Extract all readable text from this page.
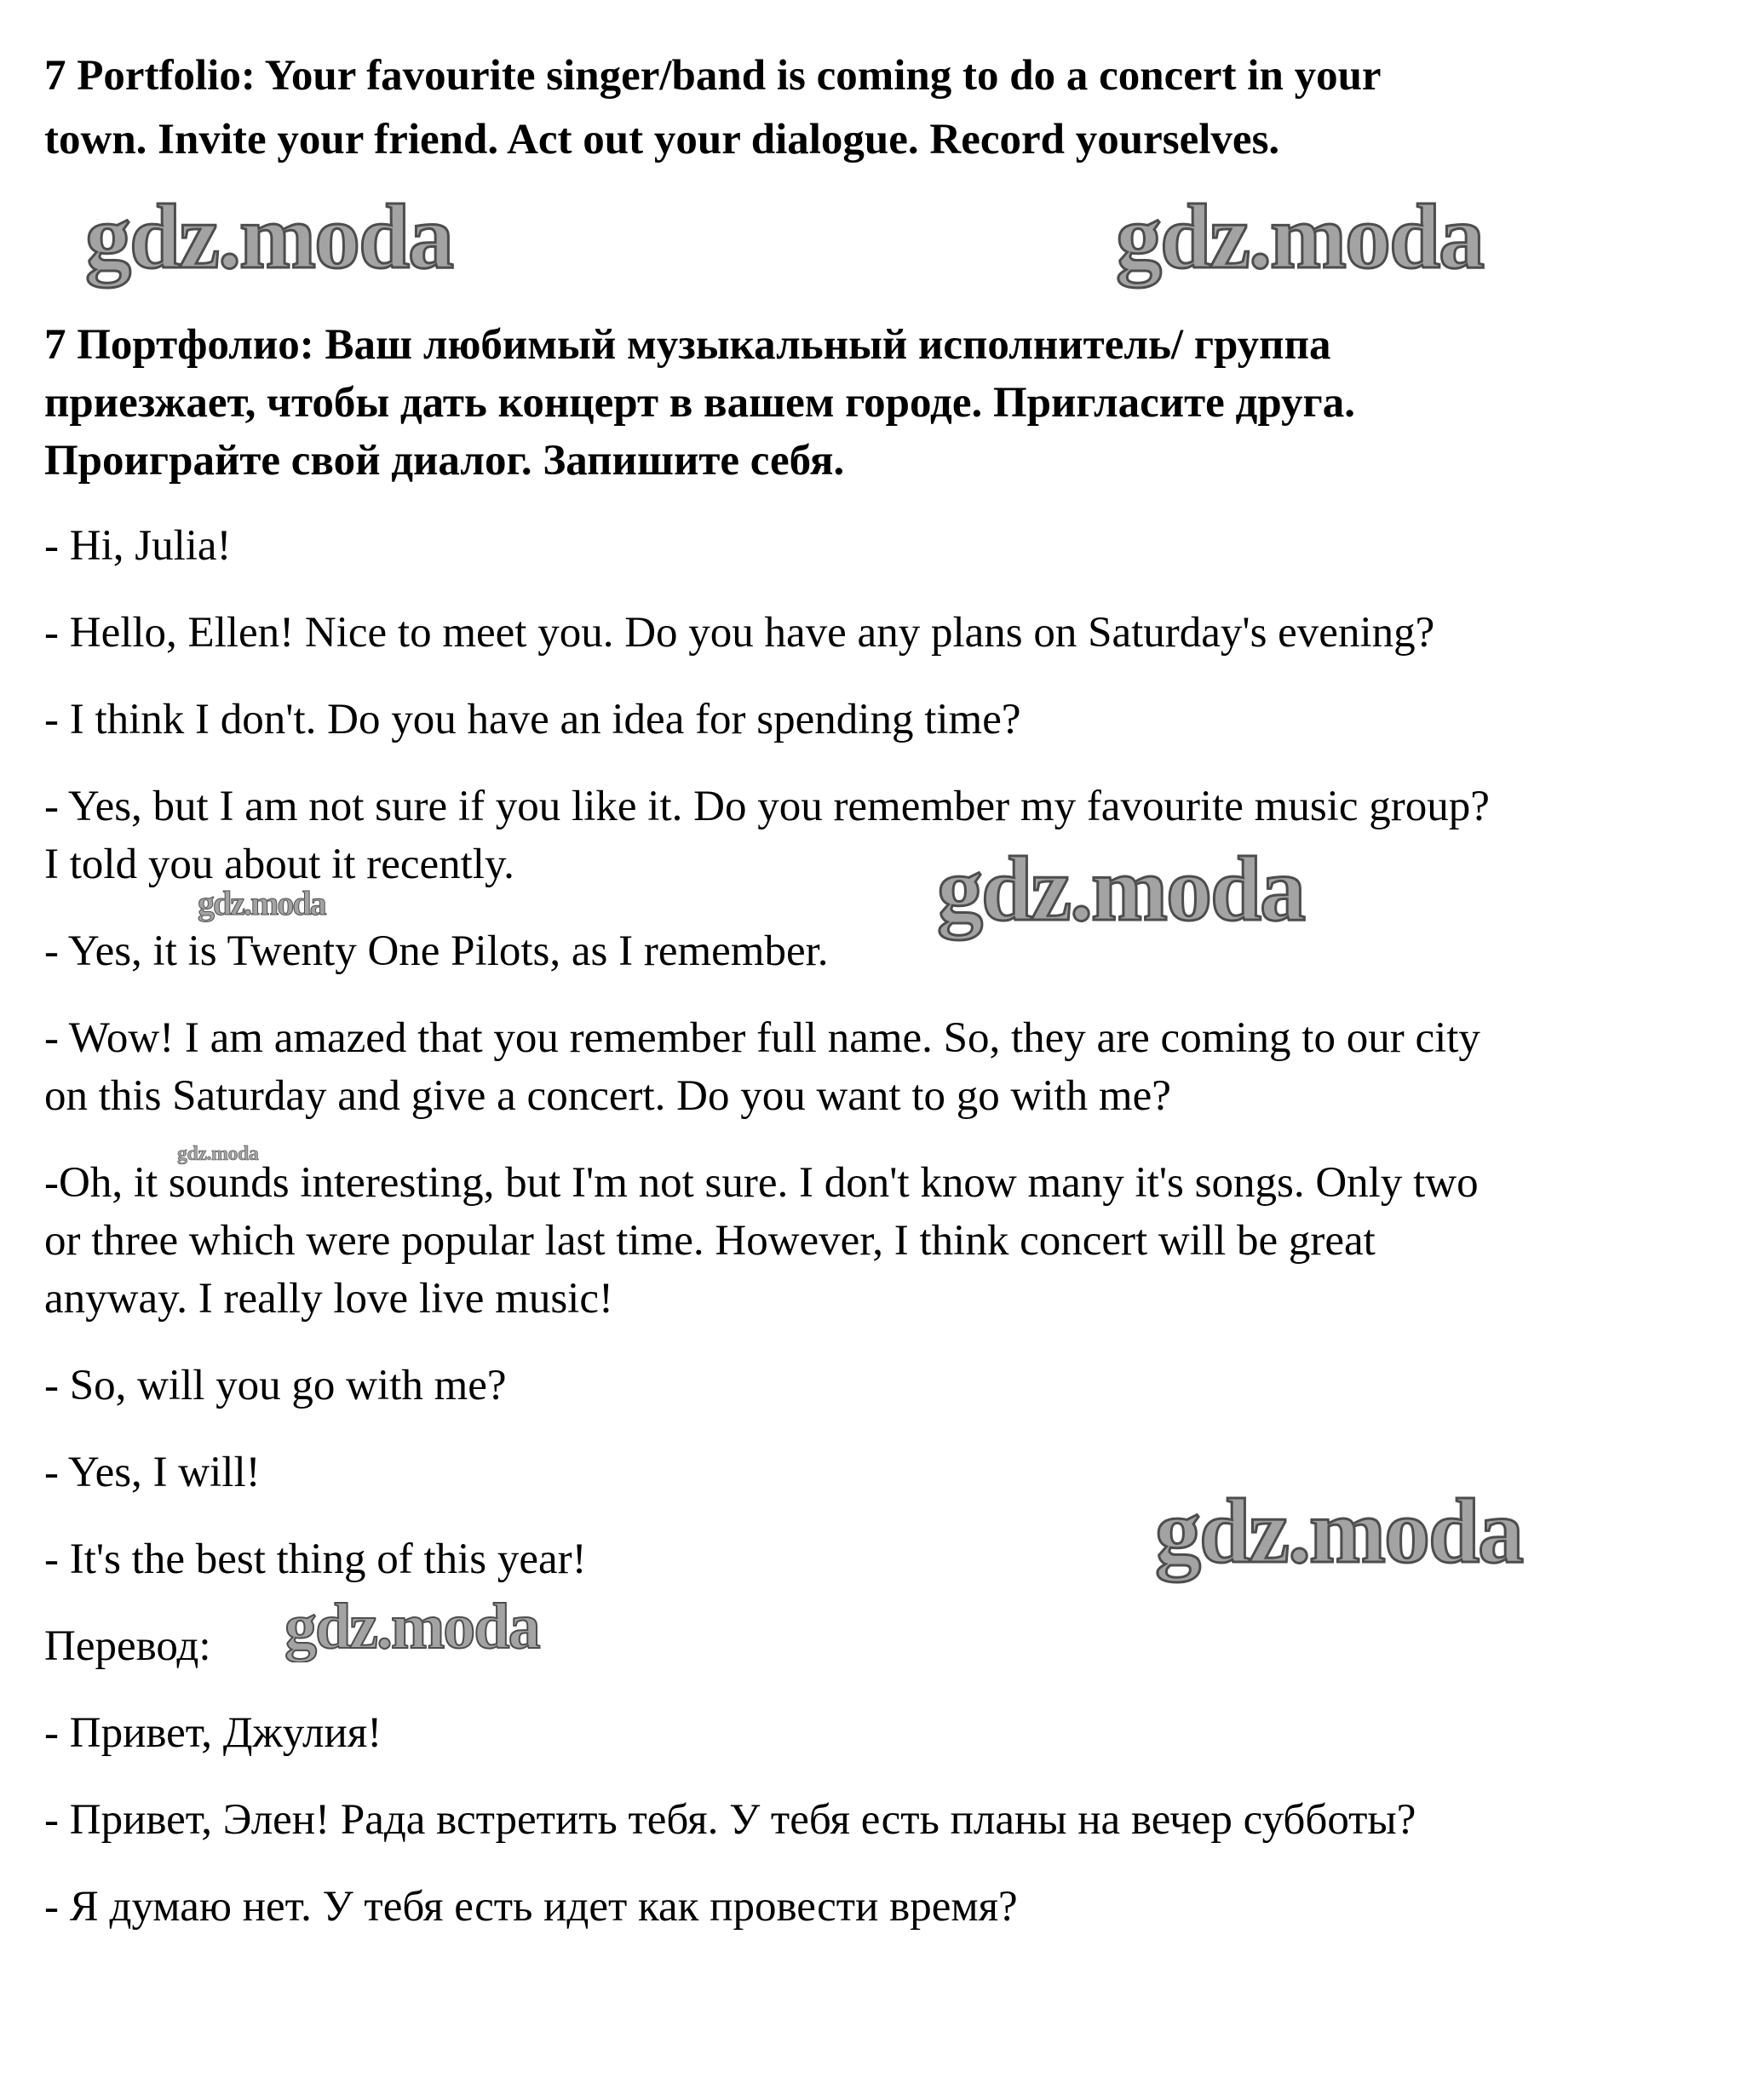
7 Portfolio: Your favourite singer/band is coming to do a concert in your

town. Invite your friend. Act out your dialogue. Record yourselves.

7 Портфолио: Ваш любимый музыкальный исполнитель/ группа

приезжает, чтобы дать концерт в вашем городе. Пригласите друга.

Проиграйте свой диалог. Запишите себя.

- Hi, Julia!

- Hello, Ellen! Nice to meet you. Do you have any plans on Saturday's evening?

- I think I don't. Do you have an idea for spending time?

- Yes, but I am not sure if you like it. Do you remember my favourite music group?

I told you about it recently.

- Yes, it is Twenty One Pilots, as I remember.

- Wow! I am amazed that you remember full name. So, they are coming to our city

on this Saturday and give a concert. Do you want to go with me?

-Oh, it sounds interesting, but I'm not sure. I don't know many it's songs. Only two

or three which were popular last time. However, I think concert will be great

anyway. I really love live music!

- So, will you go with me?

- Yes, I will!

- It's the best thing of this year!

Перевод:

- Привет, Джулия!

- Привет, Элен! Рада встретить тебя. У тебя есть планы на вечер субботы?

- Я думаю нет. У тебя есть идет как провести время?

gdz.moda	gdz.moda
gdz.moda
gdz.moda
gdz.moda
gdz.moda
gdz.moda
